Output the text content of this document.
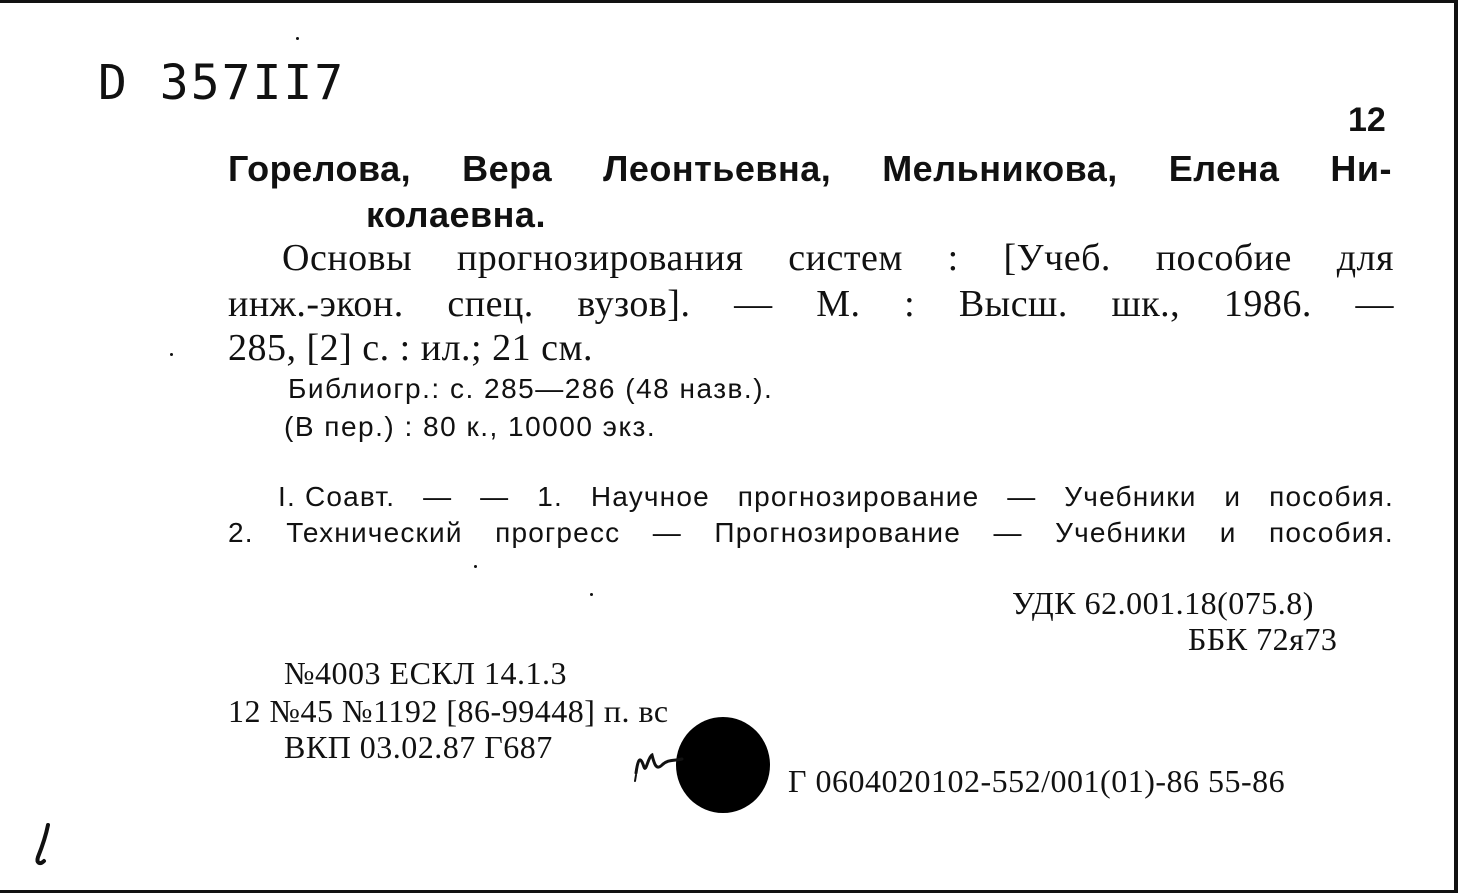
D 357II7
12
Горелова, Вера Леонтьевна, Мельникова, Елена Ни-
колаевна.
Основы прогнозирования систем : [Учеб. пособие для
инж.-экон. спец. вузов]. — М. : Высш. шк., 1986. —
285, [2] с. : ил.; 21 см.
Библиогр.: с. 285—286 (48 назв.).
(В пер.) : 80 к., 10000 экз.
I. Соавт. — — 1. Научное прогнозирование — Учебники и пособия.
2. Технический прогресс — Прогнозирование — Учебники и пособия.
УДК 62.001.18(075.8)
ББК 72я73
№4003 ЕСКЛ 14.1.3
12 №45 №1192 [86-99448] п. вс
ВКП 03.02.87 Г687
Г 0604020102-552/001(01)-86 55-86
